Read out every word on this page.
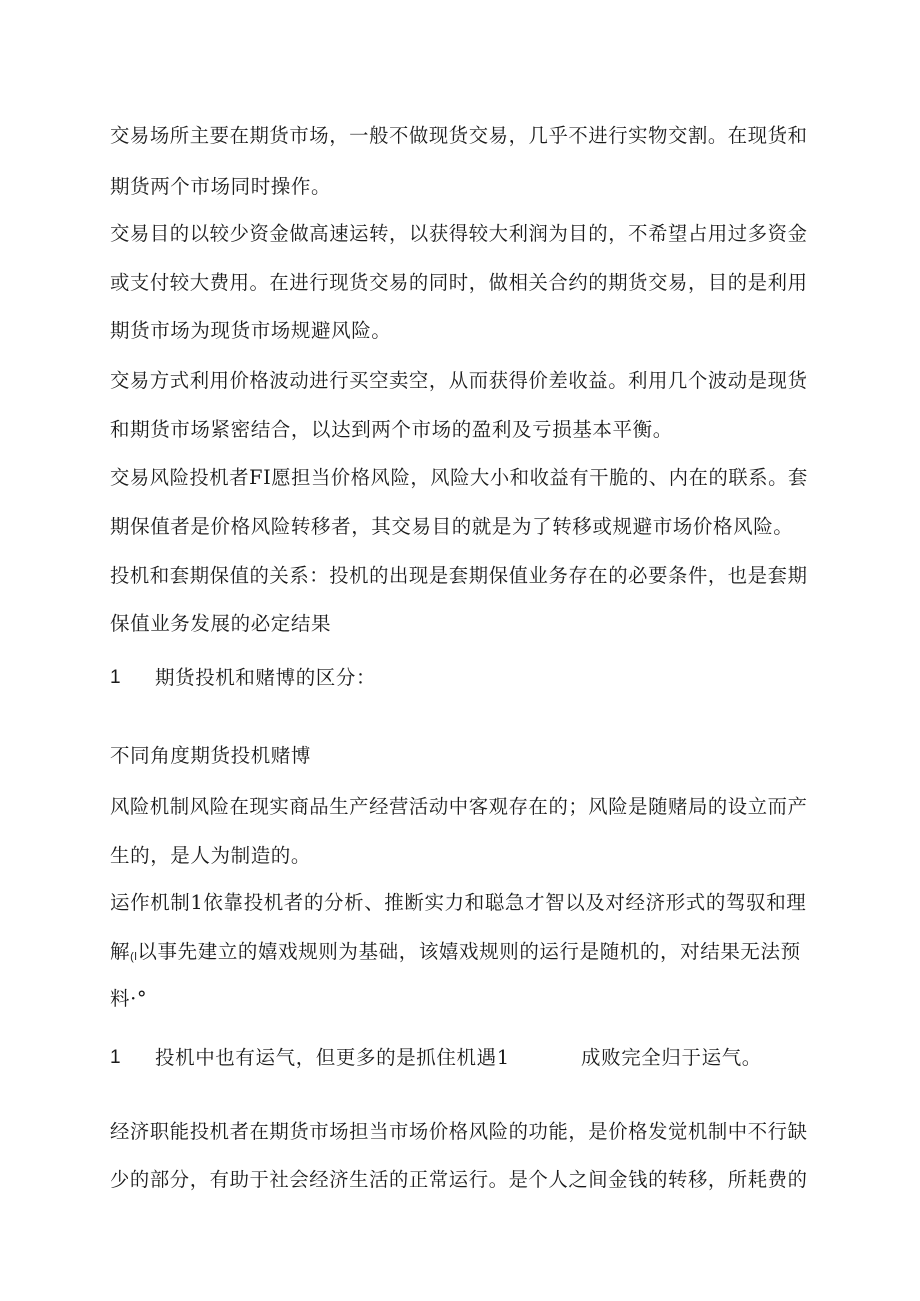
交易场所主要在期货市场，一般不做现货交易，几乎不进行实物交割。在现货和
期货两个市场同时操作。
交易目的以较少资金做高速运转，以获得较大利润为目的，不希望占用过多资金
或支付较大费用。在进行现货交易的同时，做相关合约的期货交易，目的是利用
期货市场为现货市场规避风险。
交易方式利用价格波动进行买空卖空，从而获得价差收益。利用几个波动是现货
和期货市场紧密结合，以达到两个市场的盈利及亏损基本平衡。
交易风险投机者FI愿担当价格风险，风险大小和收益有干脆的、内在的联系。套
期保值者是价格风险转移者，其交易目的就是为了转移或规避市场价格风险。
投机和套期保值的关系：投机的出现是套期保值业务存在的必要条件，也是套期
保值业务发展的必定结果
1 期货投机和赌博的区分：
不同角度期货投机赌博
风险机制风险在现实商品生产经营活动中客观存在的；风险是随赌局的设立而产
生的，是人为制造的。
运作机制1依靠投机者的分析、推断实力和聪急才智以及对经济形式的驾驭和理
解(l以事先建立的嬉戏规则为基础，该嬉戏规则的运行是随机的，对结果无法预
料·°
1 投机中也有运气，但更多的是抓住机遇1	成败完全归于运气。
经济职能投机者在期货市场担当市场价格风险的功能，是价格发觉机制中不行缺
少的部分，有助于社会经济生活的正常运行。是个人之间金钱的转移，所耗费的
